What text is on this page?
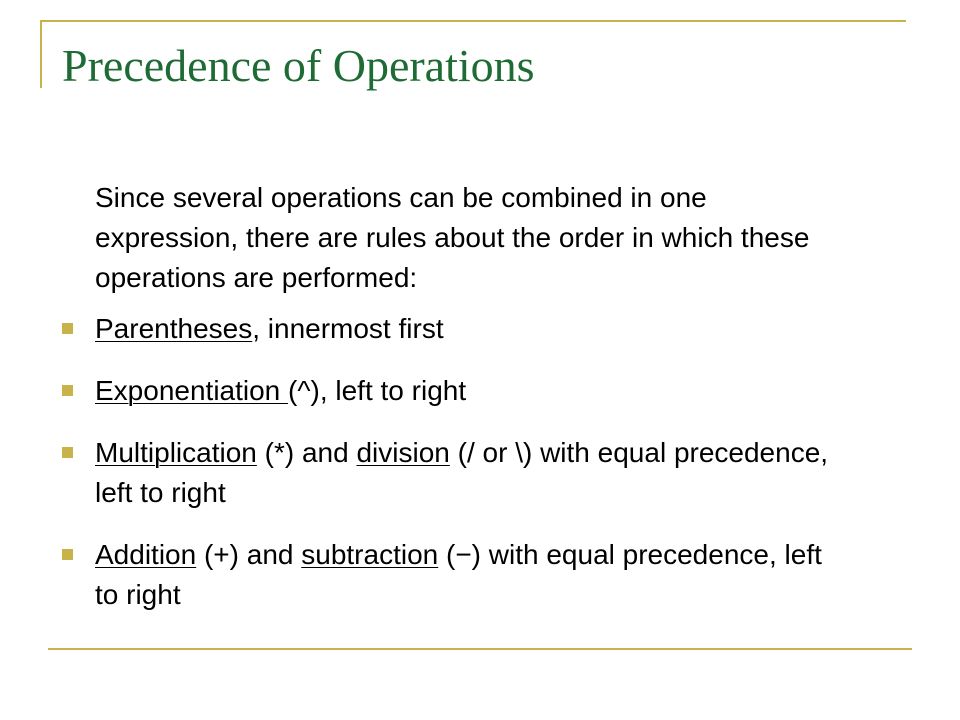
Precedence of Operations

Since several operations can be combined in one expression, there are rules about the order in which these operations are performed:

Parentheses, innermost first
Exponentiation (^), left to right
Multiplication (*) and division (/ or \) with equal precedence, left to right
Addition (+) and subtraction (−) with equal precedence, left to right
